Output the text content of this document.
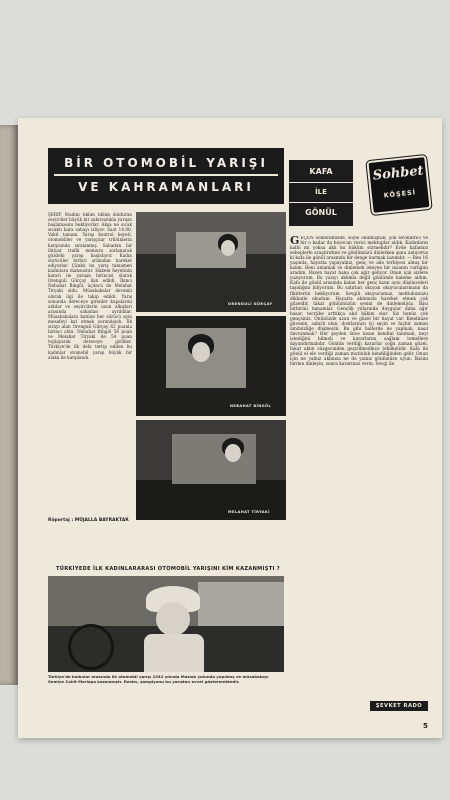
BİR OTOMOBİL YARIŞI
VE KAHRAMANLARI
ŞERİF Stadını tıklım tıklım dolduran seyirciler büyük bir sabırsızlıkla yarışın başlamasını bekliyorlar. Akşa ne sıcak sıcaktı kara sahayı izliyor. Saat 14.00. Vakit tamam. Yarışı kontrol heyeti, otomobiller ve yarışçılar tribünlerin karşısında sıralanmış. Sahadan bir ihtiyar trafik memuru zorlanarak gözdehi yarışı başlatıyor. Kadın sürücüler birbiri ardından hareket ediyorlar. Çünkü bu yarış tamamen kadınlara mahsustur. Hakem heyetinin kararı ile yarışın birincisi olarak Orenguli Gürçay ilan edildi. İkinci Nebahat Bingöl, üçüncü de Melahat Tiryaki oldu. Müsabakalar devamlı olarak ilgi ile takip edildi. Yarış sonunda dereceye girenler kupalarını aldılar ve seyircilerin uzun alkışları arasında sahadan ayrıldılar. Müsabakalara katılan her sürücü aynı mesafeyi kat etmek zorundaydı. İlk sırayı alan Orenguli Gürçay 62 puanla birinci oldu. Nebahat Bingöl 56 puan ve Melahat Tiryaki de 54 puan toplayarak dereceye girdiler. Türkiye'de ilk defa tertip edilen bu kadınlar otomobil yarışı büyük bir alaka ile karşılandı.
Röportaj : MÜJALLA BAYRAKTAR
ORENGULİ GÜRÇAY
NEBAHAT BİNGÖL
MELAHAT TİRYAKİ
TÜRKİYEDE İLK KADINLARARASI OTOMOBİL YARIŞINI KİM KAZANMIŞTI ?
Türkiye'de kadınlar arasında ilk otomobil yarışı 1932 yılında Maslak yolunda yapılmış ve müsabakayı Semiye Cahit Marlapa kazanmıştı. Resim, şampiyonu bu yarıştan evvel göstermektedir.
KAFA
İLE
GÖNÜL
Sohbet
KÖŞESİ
GEÇEN sohbetimizde, söyle okumuştuk, çok sevindirici ve bir o kadar da heyecan verici mektuplar aldık. Kadınların kalbi mi yoksa aklı mı hüküm sürmelidir? Evde kafamızı sebeplerle araştırırken ve gönlümüzü dinlerken şunu anlıyoruz ki kafa ile gönül arasında bir denge kurmak lazımdır. — Ben 16 yaşında, hayatta yapayalnız, genç ve aile terbiyesi almış bir kızım. Beni anlamak ve dinlemek isteyen bir insanın varlığını aradım. Bazen hayat bana çok ağır geliyor. Onun için sizlere yazıyorum. Bu yazıyı aklımla değil gönlümle kaleme aldım. Kafa ile gönül arasında kalan her genç kızın aynı düşünceleri taşıdığını biliyorum. Bu satırları okuyan okuyucularımızın da fikirlerini bekliyorum. Sevgili okuyucumuz, mektubunuzu dikkatle okudum. Hayatta aklımızla hareket etmek çok güzeldir, fakat gönlümüzün sesini de dinlemeliyiz. İkisi birbirini tamamlar. Gençlik yıllarında duygular daha ağır basar, tecrübe arttıkça akıl hâkim olur. Siz henüz çok gençsiniz. Önünüzde uzun ve güzel bir hayat var. Kendinize güvenin, sabırlı olun, dostlarınızı iyi seçin ve hiçbir zaman ümitsizliğe düşmeyin. Bu gibi hallerde ne yapmalı, nasıl davranmalı? Her şeyden önce insan kendini tanımalı, neyi istediğini bilmeli ve kararlarını sağlam temellere dayandırmalıdır. Gönlün verdiği kararlar çoğu zaman güzel, fakat aklın süzgecinden geçirilmedikçe tehlikelidir. Kafa ile gönül el ele verdiği zaman mutluluk kendiliğinden gelir. Onun için ne yalnız aklınıza ne de yalnız gönlünüze uyun. İkisini birden dinleyin, sonra kararınızı verin. Sevgi ile.
ŞEVKET RADO
5
